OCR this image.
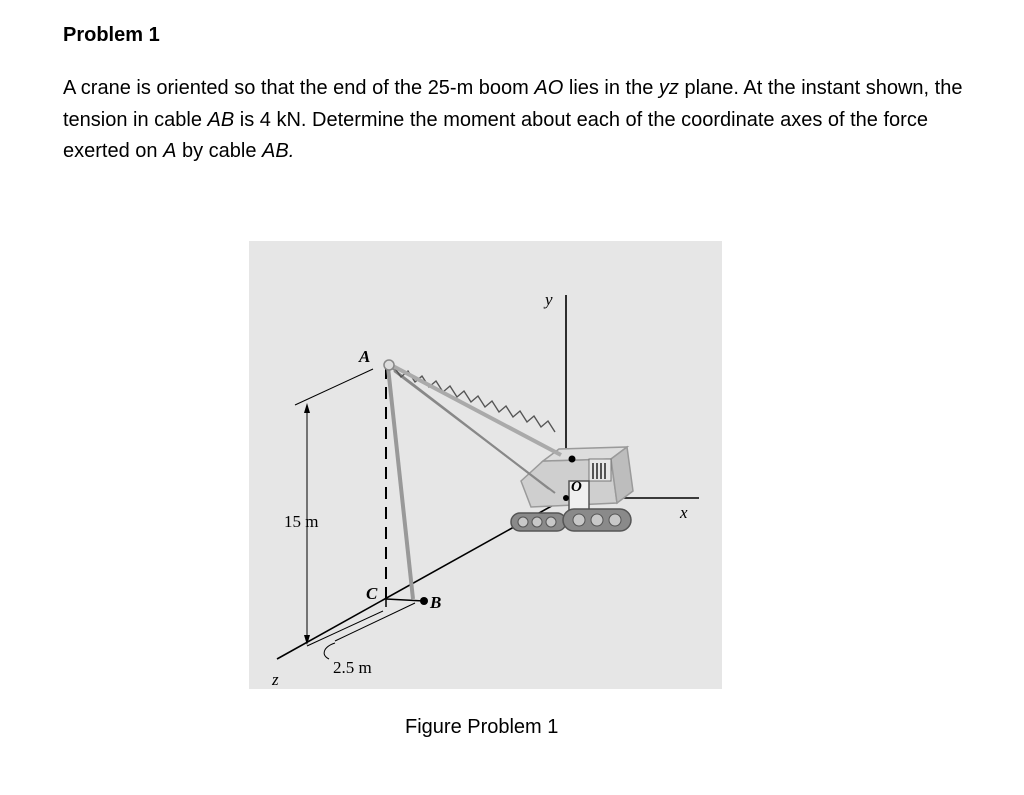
Problem 1
A crane is oriented so that the end of the 25-m boom AO lies in the yz plane. At the instant shown, the tension in cable AB is 4 kN. Determine the moment about each of the coordinate axes of the force exerted on A by cable AB.
y
x
z
A
B
C
O
15 m
2.5 m
Figure Problem 1
